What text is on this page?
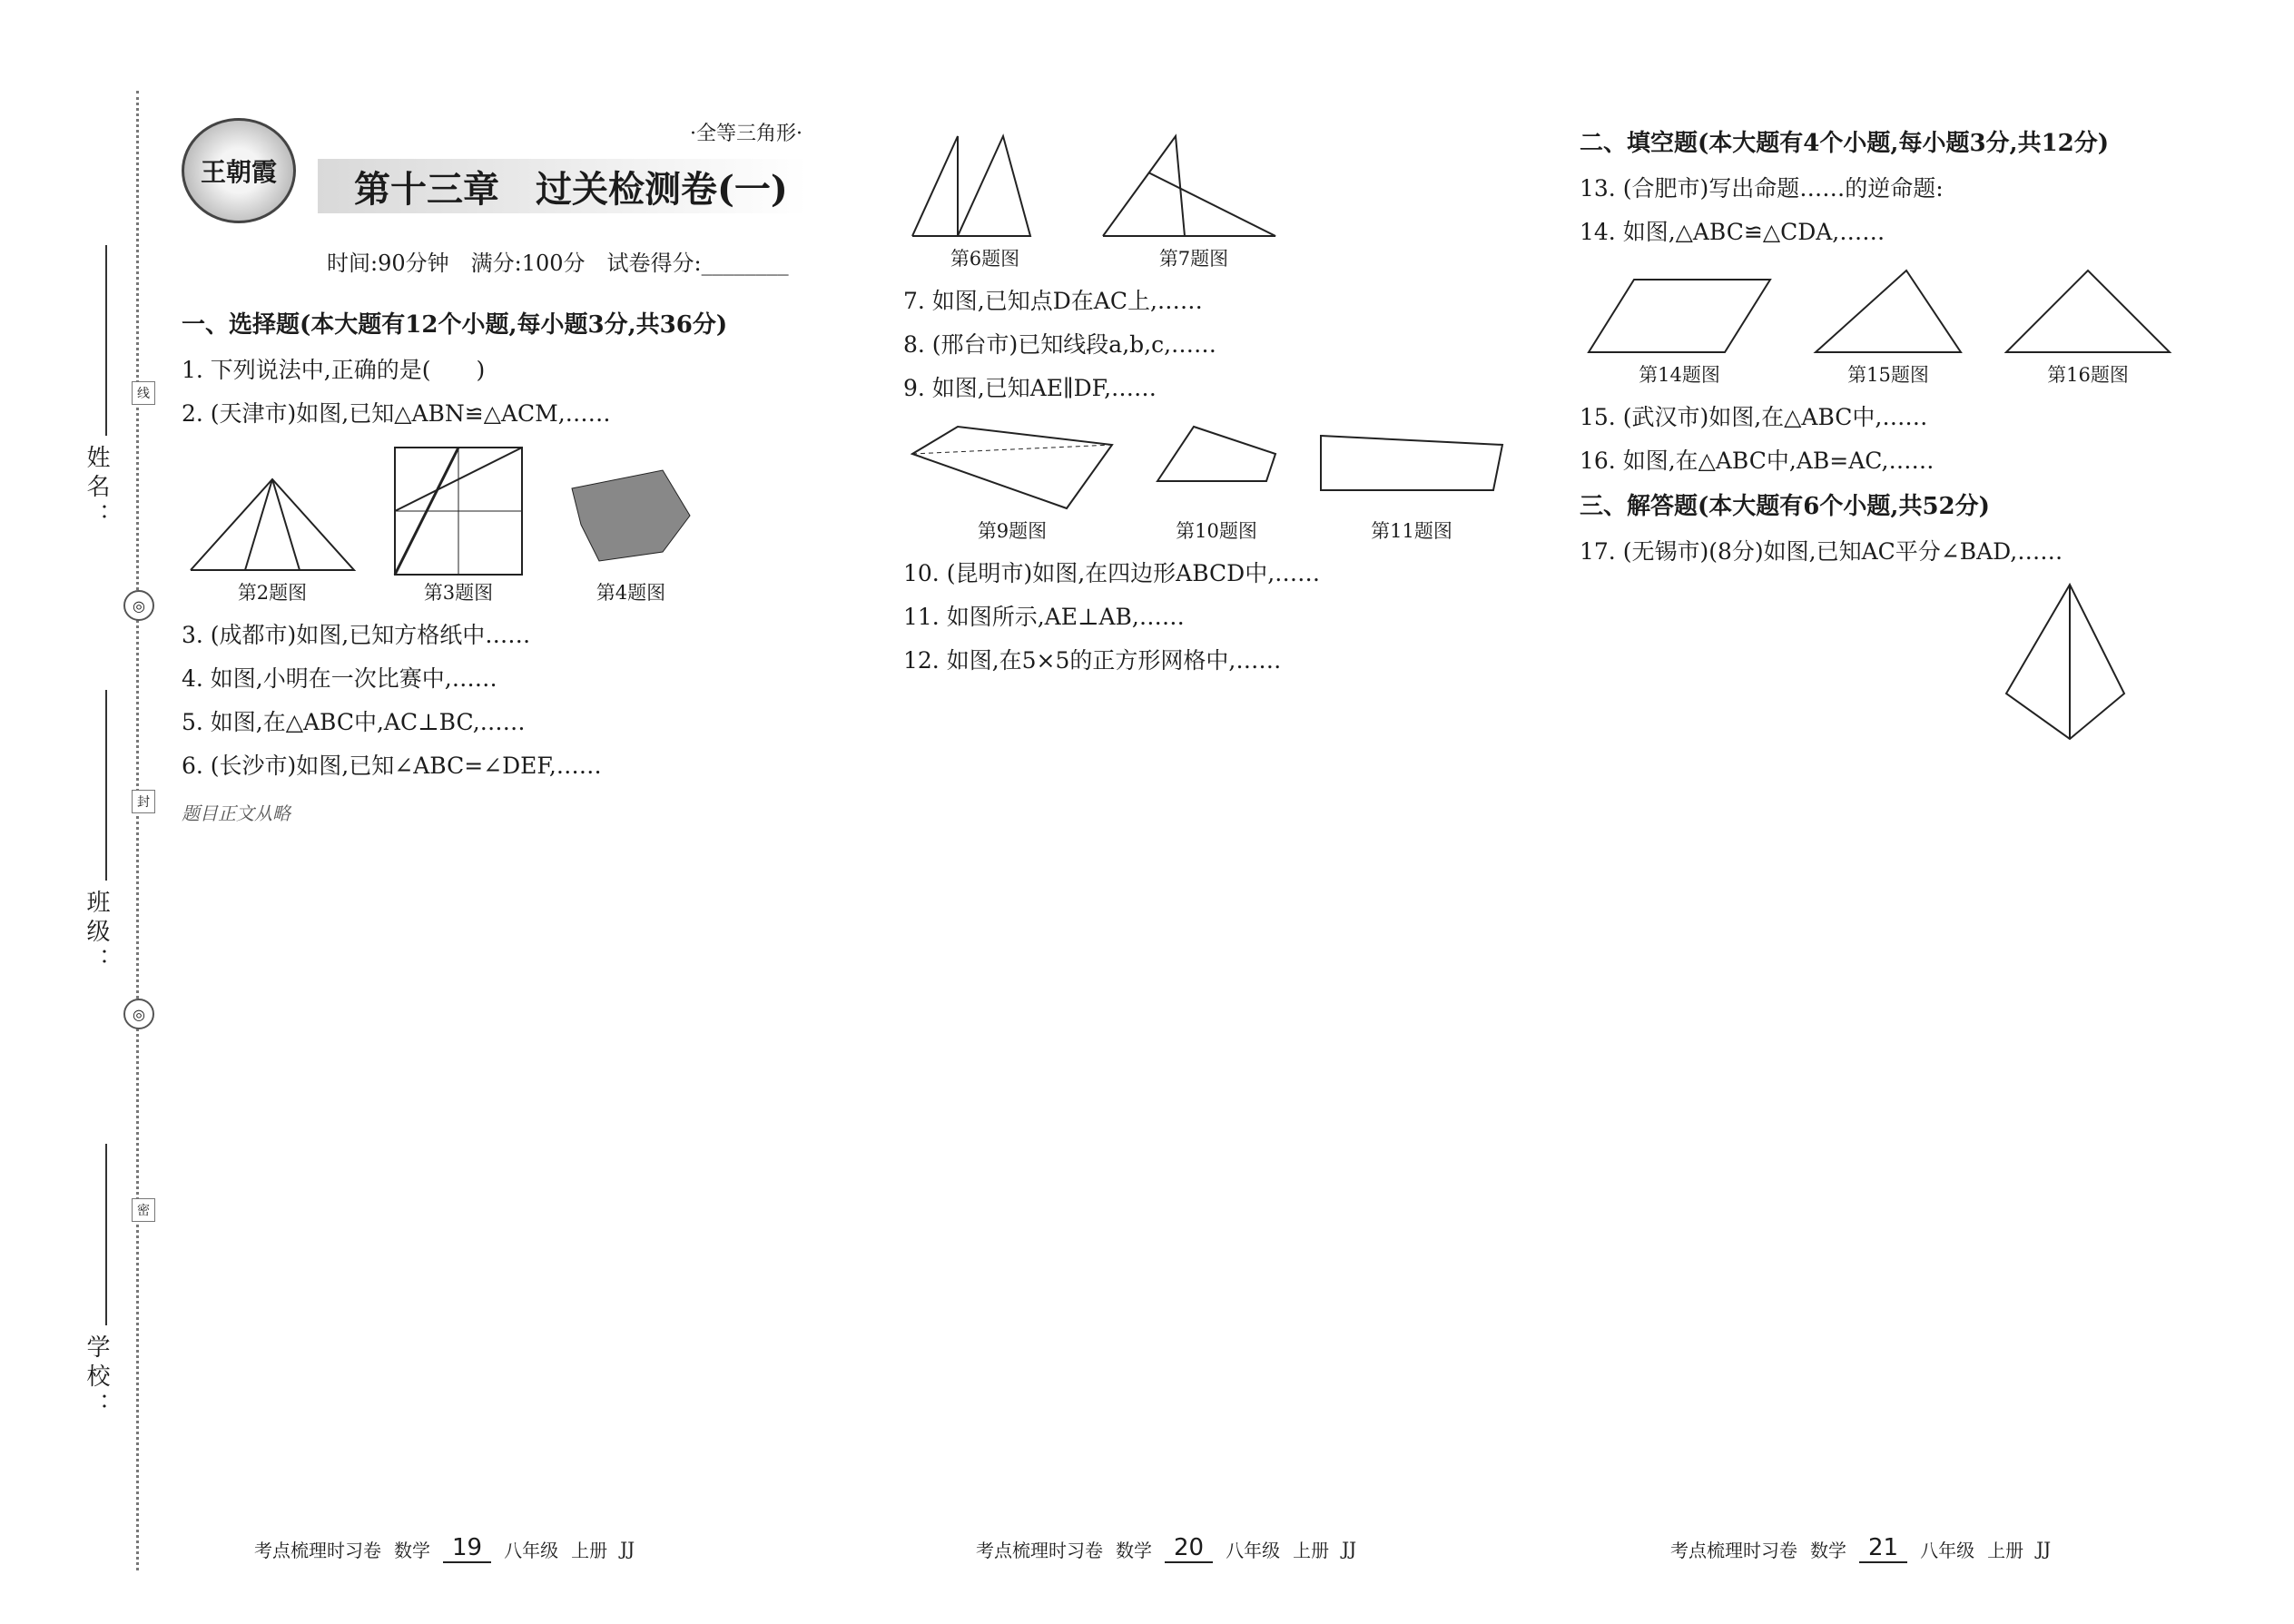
◎
◎
线
封
密
姓名：
班级：
学校：
王朝霞	第十三章　过关检测卷(一)
·全等三角形·
时间:90分钟　满分:100分　试卷得分:________
一、选择题(本大题有12个小题,每小题3分,共36分)
1. 下列说法中,正确的是(　　)
2. (天津市)如图,已知△ABN≌△ACM,……
第2题图	第3题图	第4题图
3. (成都市)如图,已知方格纸中……
4. 如图,小明在一次比赛中,……
5. 如图,在△ABC中,AC⊥BC,……
6. (长沙市)如图,已知∠ABC=∠DEF,……
题目正文从略
第6题图	第7题图
7. 如图,已知点D在AC上,……
8. (邢台市)已知线段a,b,c,……
9. 如图,已知AE∥DF,……
第9题图	第10题图	第11题图
10. (昆明市)如图,在四边形ABCD中,……
11. 如图所示,AE⊥AB,……
12. 如图,在5×5的正方形网格中,……
二、填空题(本大题有4个小题,每小题3分,共12分)
13. (合肥市)写出命题……的逆命题:
14. 如图,△ABC≌△CDA,……
第14题图	第15题图	第16题图
15. (武汉市)如图,在△ABC中,……
16. 如图,在△ABC中,AB=AC,……
三、解答题(本大题有6个小题,共52分)
17. (无锡市)(8分)如图,已知AC平分∠BAD,……
考点梳理时习卷 数学 19	八年级 上册 JJ	考点梳理时习卷 数学 20	八年级 上册 JJ	考点梳理时习卷 数学 21	八年级 上册 JJ
